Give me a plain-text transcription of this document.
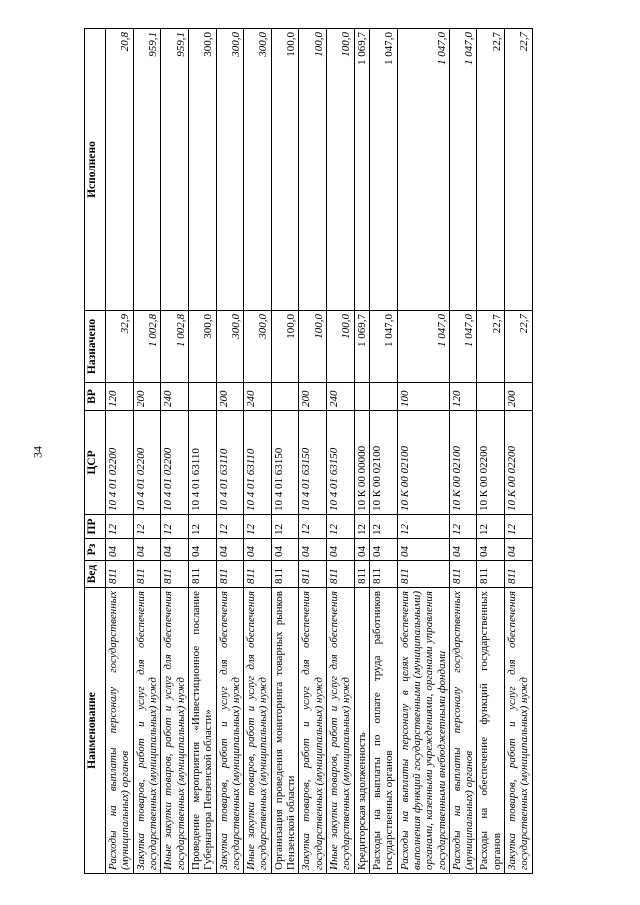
34
Наименование	Вед	Рз	ПР	ЦСР	ВР	Назначено	Исполнено
Расходы на выплаты персоналу государственных (муниципальных) органов	811	04	12	10 4 01 02200	120	32,9	20,8
Закупка товаров, работ и услуг для обеспечения государственных (муниципальных) нужд	811	04	12	10 4 01 02200	200	1 002,8	959,1
Иные закупки товаров, работ и услуг для обеспечения государственных (муниципальных) нужд	811	04	12	10 4 01 02200	240	1 002,8	959,1
Проведение мероприятия «Инвестиционное послание Губернатора Пензенской области»	811	04	12	10 4 01 63110		300,0	300,0
Закупка товаров, работ и услуг для обеспечения государственных (муниципальных) нужд	811	04	12	10 4 01 63110	200	300,0	300,0
Иные закупки товаров, работ и услуг для обеспечения государственных (муниципальных) нужд	811	04	12	10 4 01 63110	240	300,0	300,0
Организация проведения мониторинга товарных рынков Пензенской области	811	04	12	10 4 01 63150		100,0	100,0
Закупка товаров, работ и услуг для обеспечения государственных (муниципальных) нужд	811	04	12	10 4 01 63150	200	100,0	100,0
Иные закупки товаров, работ и услуг для обеспечения государственных (муниципальных) нужд	811	04	12	10 4 01 63150	240	100,0	100,0
Кредиторская задолженность	811	04	12	10 К 00 00000		1 069,7	1 069,7
Расходы на выплаты по оплате труда работников государственных органов	811	04	12	10 К 00 02100		1 047,0	1 047,0
Расходы на выплаты персоналу в целях обеспечения выполнения функций государственными (муниципальными) органами, казенными учреждениями, органами управления государственными внебюджетными фондами	811	04	12	10 К 00 02100	100	1 047,0	1 047,0
Расходы на выплаты персоналу государственных (муниципальных) органов	811	04	12	10 К 00 02100	120	1 047,0	1 047,0
Расходы на обеспечение функций государственных органов	811	04	12	10 К 00 02200		22,7	22,7
Закупка товаров, работ и услуг для обеспечения государственных (муниципальных) нужд	811	04	12	10 К 00 02200	200	22,7	22,7
